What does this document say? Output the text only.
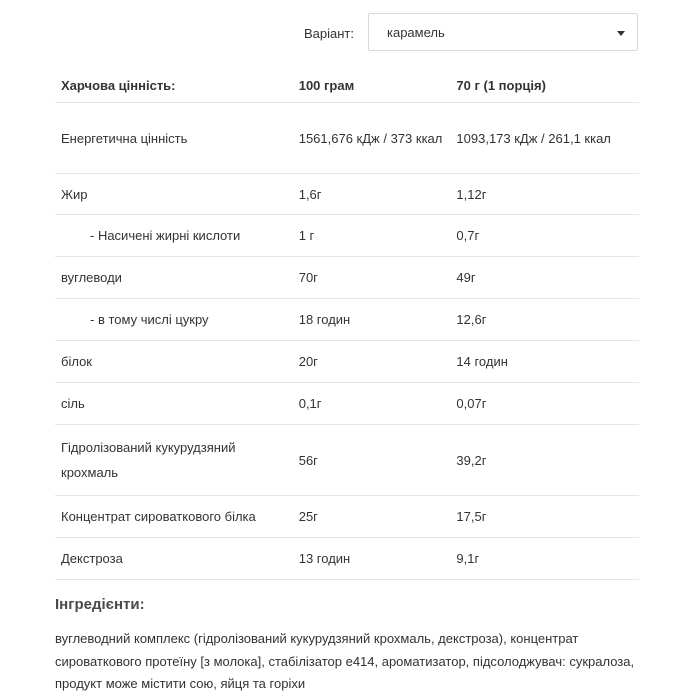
Варіант:	карамель
Харчова цінність:	100 грам	70 г (1 порція)
Енергетична цінність	1561,676 кДж / 373 ккал	1093,173 кДж / 261,1 ккал
Жир	1,6г	1,12г
- Насичені жирні кислоти	1 г	0,7г
вуглеводи	70г	49г
- в тому числі цукру	18 годин	12,6г
білок	20г	14 годин
сіль	0,1г	0,07г
Гідролізований кукурудзяний крохмаль	56г	39,2г
Концентрат сироваткового білка	25г	17,5г
Декстроза	13 годин	9,1г
Інгредієнти:
вуглеводний комплекс (гідролізований кукурудзяний крохмаль, декстроза), концентрат сироваткового протеїну [з молока], стабілізатор е414, ароматизатор, підсолоджувач: сукралоза, продукт може містити сою, яйця та горіхи
